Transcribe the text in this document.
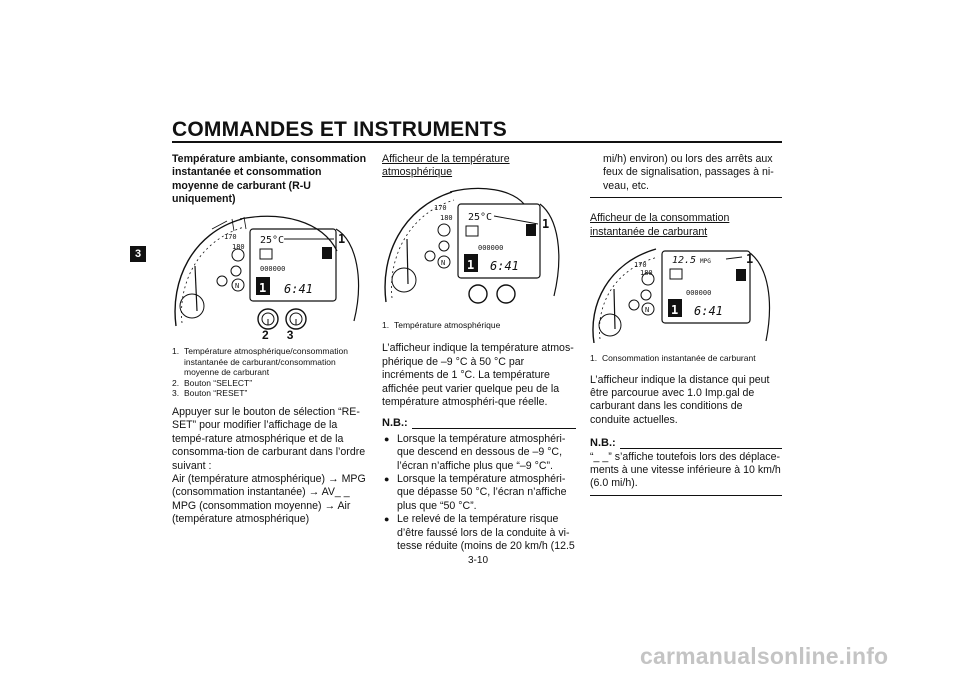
COMMANDES ET INSTRUMENTS
3

Température ambiante, consommation instantanée et consommation moyenne de carburant (R-U uniquement)

170
180
25°C
000000
1 6:41
N
1
2 3
1. Température atmosphérique/consommation instantanée de carburant/consommation moyenne de carburant
2. Bouton “SELECT”
3. Bouton “RESET”

Appuyer sur le bouton de sélection “RE-SET” pour modifier l’affichage de la tempé-rature atmosphérique et de la consomma-tion de carburant dans l’ordre suivant :

Air (température atmosphérique) → MPG (consommation instantanée) → AV_ _ MPG (consommation moyenne) → Air (température atmosphérique)

Afficheur de la température atmosphérique

170
180 25°C
000000
1 6:41
N
1
1. Température atmosphérique

L’afficheur indique la température atmos-phérique de –9 °C à 50 °C par incréments de 1 °C. La température affichée peut varier quelque peu de la température atmosphéri-que réelle.

N.B.:
● Lorsque la température atmosphéri-que descend en dessous de –9 °C, l’écran n’affiche plus que “–9 °C”.
● Lorsque la température atmosphéri-que dépasse 50 °C, l’écran n’affiche plus que “50 °C”.
● Le relevé de la température risque d’être faussé lors de la conduite à vi-tesse réduite (moins de 20 km/h (12.5
mi/h) environ) ou lors des arrêts aux feux de signalisation, passages à ni-veau, etc.

Afficheur de la consommation instantanée de carburant

170
180
12.5 MPG
000000
1 6:41
N
1
1. Consommation instantanée de carburant

L’afficheur indique la distance qui peut être parcourue avec 1.0 Imp.gal de carburant dans les conditions de conduite actuelles.

N.B.:
“_ _” s’affiche toutefois lors des déplace-ments à une vitesse inférieure à 10 km/h (6.0 mi/h).
3-10
carmanualsonline.info
